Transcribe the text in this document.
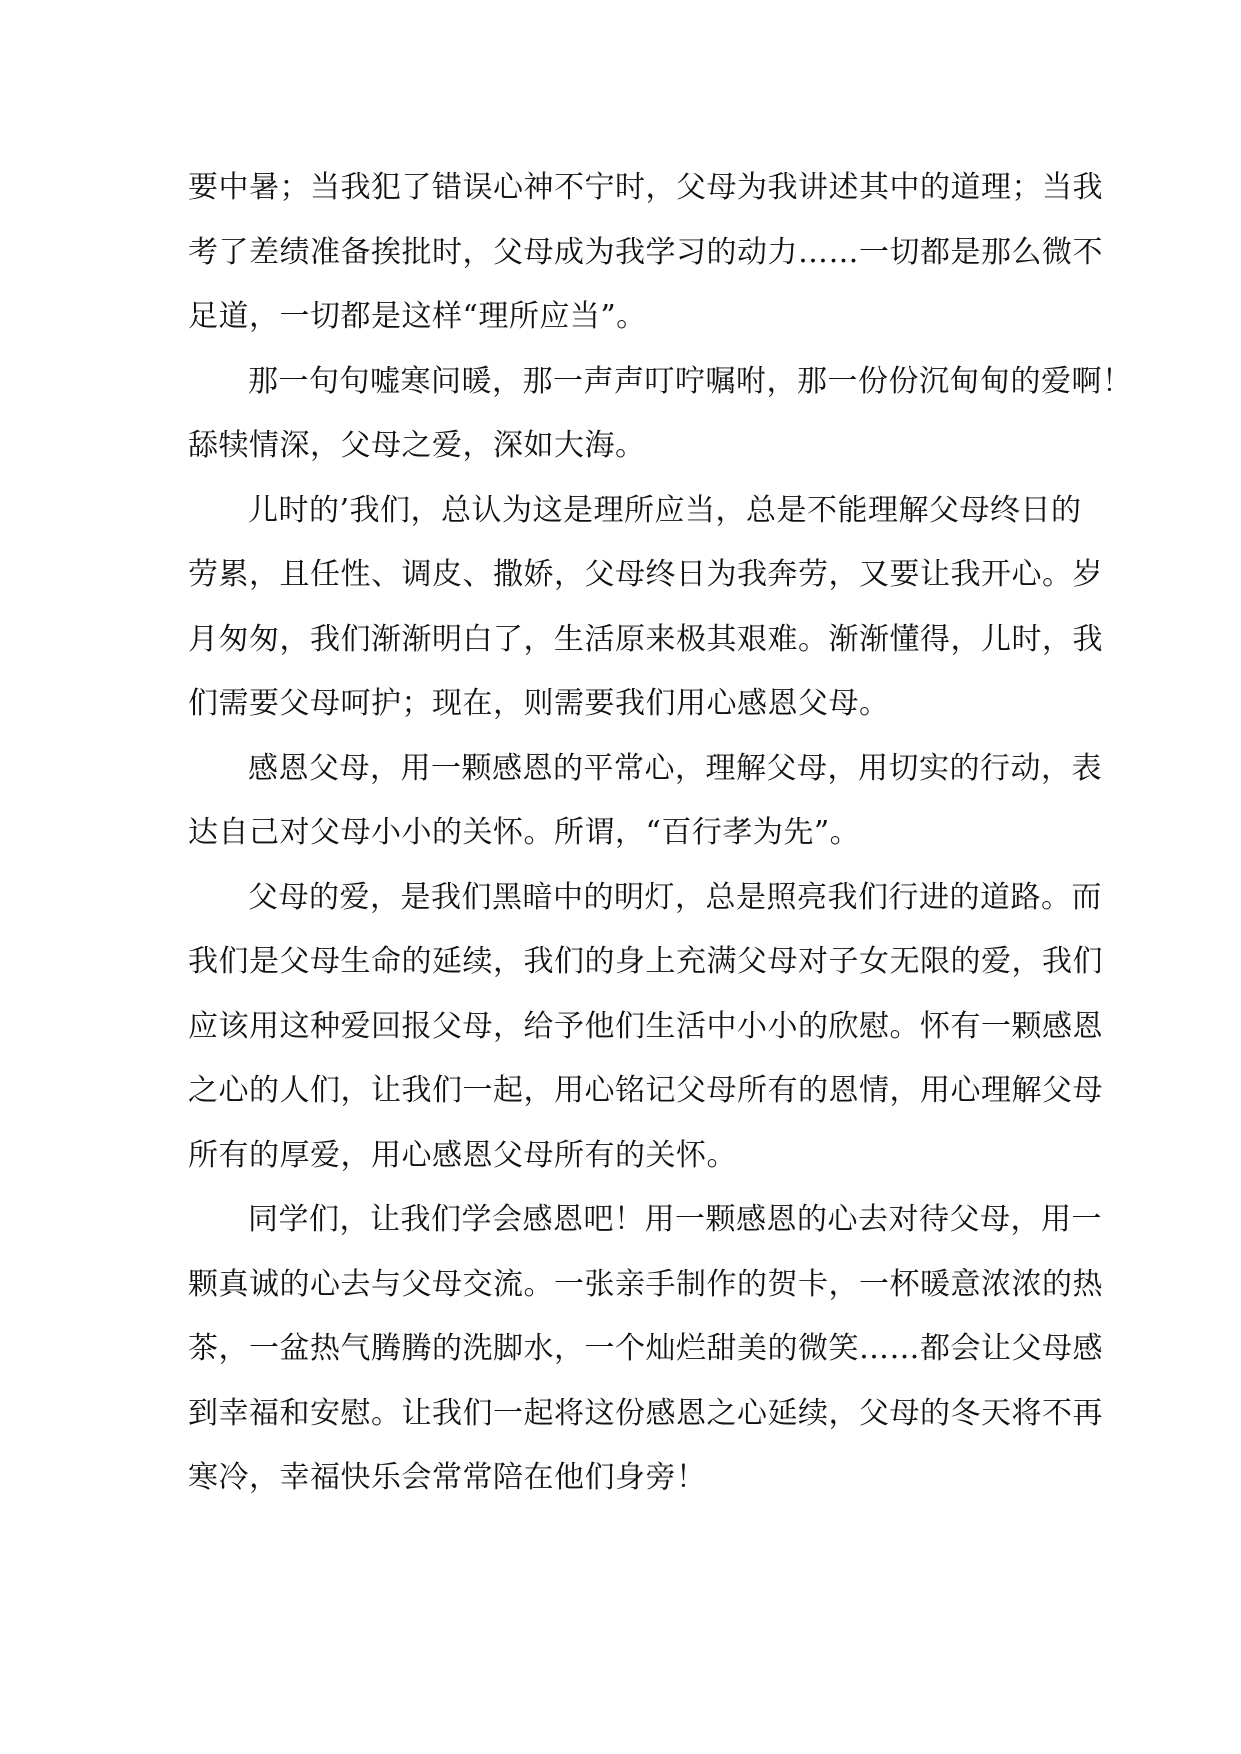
要中暑；当我犯了错误心神不宁时，父母为我讲述其中的道理；当我
考了差绩准备挨批时，父母成为我学习的动力……一切都是那么微不
足道，一切都是这样“理所应当”。
那一句句嘘寒问暖，那一声声叮咛嘱咐，那一份份沉甸甸的爱啊！
舔犊情深，父母之爱，深如大海。
儿时的’我们，总认为这是理所应当，总是不能理解父母终日的
劳累，且任性、调皮、撒娇，父母终日为我奔劳，又要让我开心。岁
月匆匆，我们渐渐明白了，生活原来极其艰难。渐渐懂得，儿时，我
们需要父母呵护；现在，则需要我们用心感恩父母。
感恩父母，用一颗感恩的平常心，理解父母，用切实的行动，表
达自己对父母小小的关怀。所谓，“百行孝为先”。
父母的爱，是我们黑暗中的明灯，总是照亮我们行进的道路。而
我们是父母生命的延续，我们的身上充满父母对子女无限的爱，我们
应该用这种爱回报父母，给予他们生活中小小的欣慰。怀有一颗感恩
之心的人们，让我们一起，用心铭记父母所有的恩情，用心理解父母
所有的厚爱，用心感恩父母所有的关怀。
同学们，让我们学会感恩吧！用一颗感恩的心去对待父母，用一
颗真诚的心去与父母交流。一张亲手制作的贺卡，一杯暖意浓浓的热
茶，一盆热气腾腾的洗脚水，一个灿烂甜美的微笑……都会让父母感
到幸福和安慰。让我们一起将这份感恩之心延续，父母的冬天将不再
寒冷，幸福快乐会常常陪在他们身旁！
